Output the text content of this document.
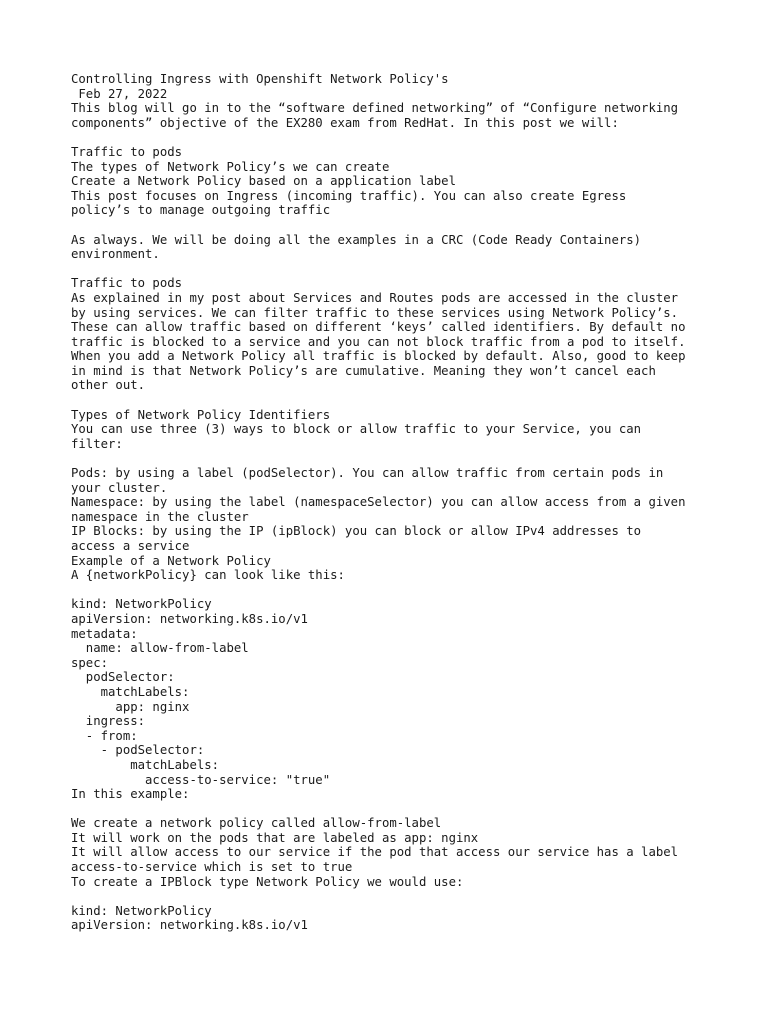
Controlling Ingress with Openshift Network Policy's
Feb 27, 2022
This blog will go in to the “software defined networking” of “Configure networking
components” objective of the EX280 exam from RedHat. In this post we will:
Traffic to pods
The types of Network Policy’s we can create
Create a Network Policy based on a application label
This post focuses on Ingress (incoming traffic). You can also create Egress
policy’s to manage outgoing traffic
As always. We will be doing all the examples in a CRC (Code Ready Containers)
environment.
Traffic to pods
As explained in my post about Services and Routes pods are accessed in the cluster
by using services. We can filter traffic to these services using Network Policy’s.
These can allow traffic based on different ‘keys’ called identifiers. By default no
traffic is blocked to a service and you can not block traffic from a pod to itself.
When you add a Network Policy all traffic is blocked by default. Also, good to keep
in mind is that Network Policy’s are cumulative. Meaning they won’t cancel each
other out.
Types of Network Policy Identifiers
You can use three (3) ways to block or allow traffic to your Service, you can
filter:
Pods: by using a label (podSelector). You can allow traffic from certain pods in
your cluster.
Namespace: by using the label (namespaceSelector) you can allow access from a given
namespace in the cluster
IP Blocks: by using the IP (ipBlock) you can block or allow IPv4 addresses to
access a service
Example of a Network Policy
A {networkPolicy} can look like this:
kind: NetworkPolicy
apiVersion: networking.k8s.io/v1
metadata:
name: allow-from-label
spec:
podSelector:
matchLabels:
app: nginx
ingress:
- from:
- podSelector:
matchLabels:
access-to-service: "true"
In this example:
We create a network policy called allow-from-label
It will work on the pods that are labeled as app: nginx
It will allow access to our service if the pod that access our service has a label
access-to-service which is set to true
To create a IPBlock type Network Policy we would use:
kind: NetworkPolicy
apiVersion: networking.k8s.io/v1
